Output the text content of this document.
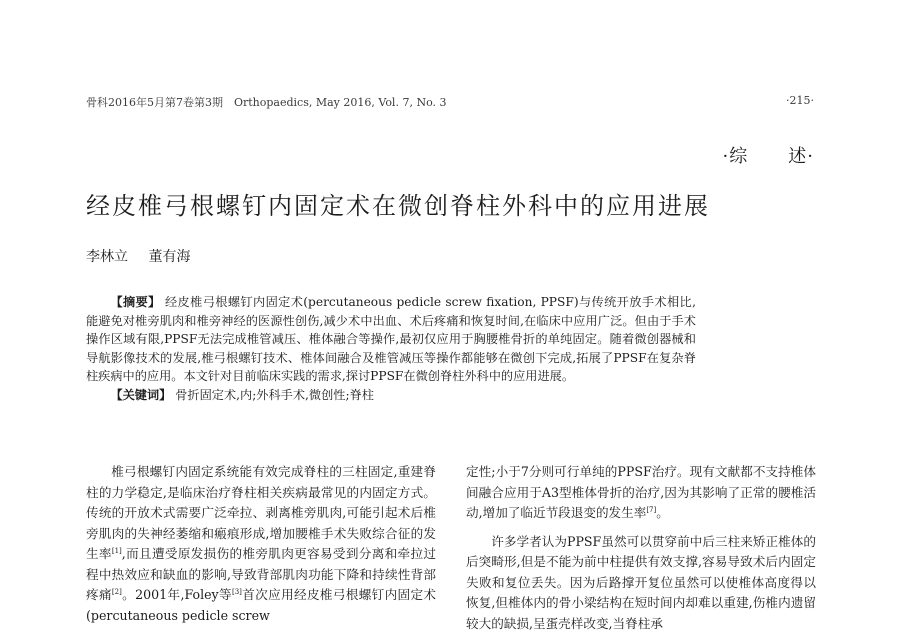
骨科2016年5月第7卷第3期　Orthopaedics, May 2016, Vol. 7, No. 3	·215·
·综 述·
经皮椎弓根螺钉内固定术在微创脊柱外科中的应用进展
李林立 董有海

【摘要】 经皮椎弓根螺钉内固定术(percutaneous pedicle screw fixation, PPSF)与传统开放手术相比,能避免对椎旁肌肉和椎旁神经的医源性创伤,减少术中出血、术后疼痛和恢复时间,在临床中应用广泛。但由于手术操作区域有限,PPSF无法完成椎管减压、椎体融合等操作,最初仅应用于胸腰椎骨折的单纯固定。随着微创器械和导航影像技术的发展,椎弓根螺钉技术、椎体间融合及椎管减压等操作都能够在微创下完成,拓展了PPSF在复杂脊柱疾病中的应用。本文针对目前临床实践的需求,探讨PPSF在微创脊柱外科中的应用进展。

【关键词】 骨折固定术,内;外科手术,微创性;脊柱

椎弓根螺钉内固定系统能有效完成脊柱的三柱固定,重建脊柱的力学稳定,是临床治疗脊柱相关疾病最常见的内固定方式。传统的开放术式需要广泛牵拉、剥离椎旁肌肉,可能引起术后椎旁肌肉的失神经萎缩和瘢痕形成,增加腰椎手术失败综合征的发生率[1],而且遭受原发损伤的椎旁肌肉更容易受到分离和牵拉过程中热效应和缺血的影响,导致背部肌肉功能下降和持续性背部疼痛[2]。2001年,Foley等[3]首次应用经皮椎弓根螺钉内固定术(percutaneous pedicle screw

定性;小于7分则可行单纯的PPSF治疗。现有文献都不支持椎体间融合应用于A3型椎体骨折的治疗,因为其影响了正常的腰椎活动,增加了临近节段退变的发生率[7]。

许多学者认为PPSF虽然可以贯穿前中后三柱来矫正椎体的后突畸形,但是不能为前中柱提供有效支撑,容易导致术后内固定失败和复位丢失。因为后路撑开复位虽然可以使椎体高度得以恢复,但椎体内的骨小梁结构在短时间内却难以重建,伤椎内遗留较大的缺损,呈蛋壳样改变,当脊柱承
